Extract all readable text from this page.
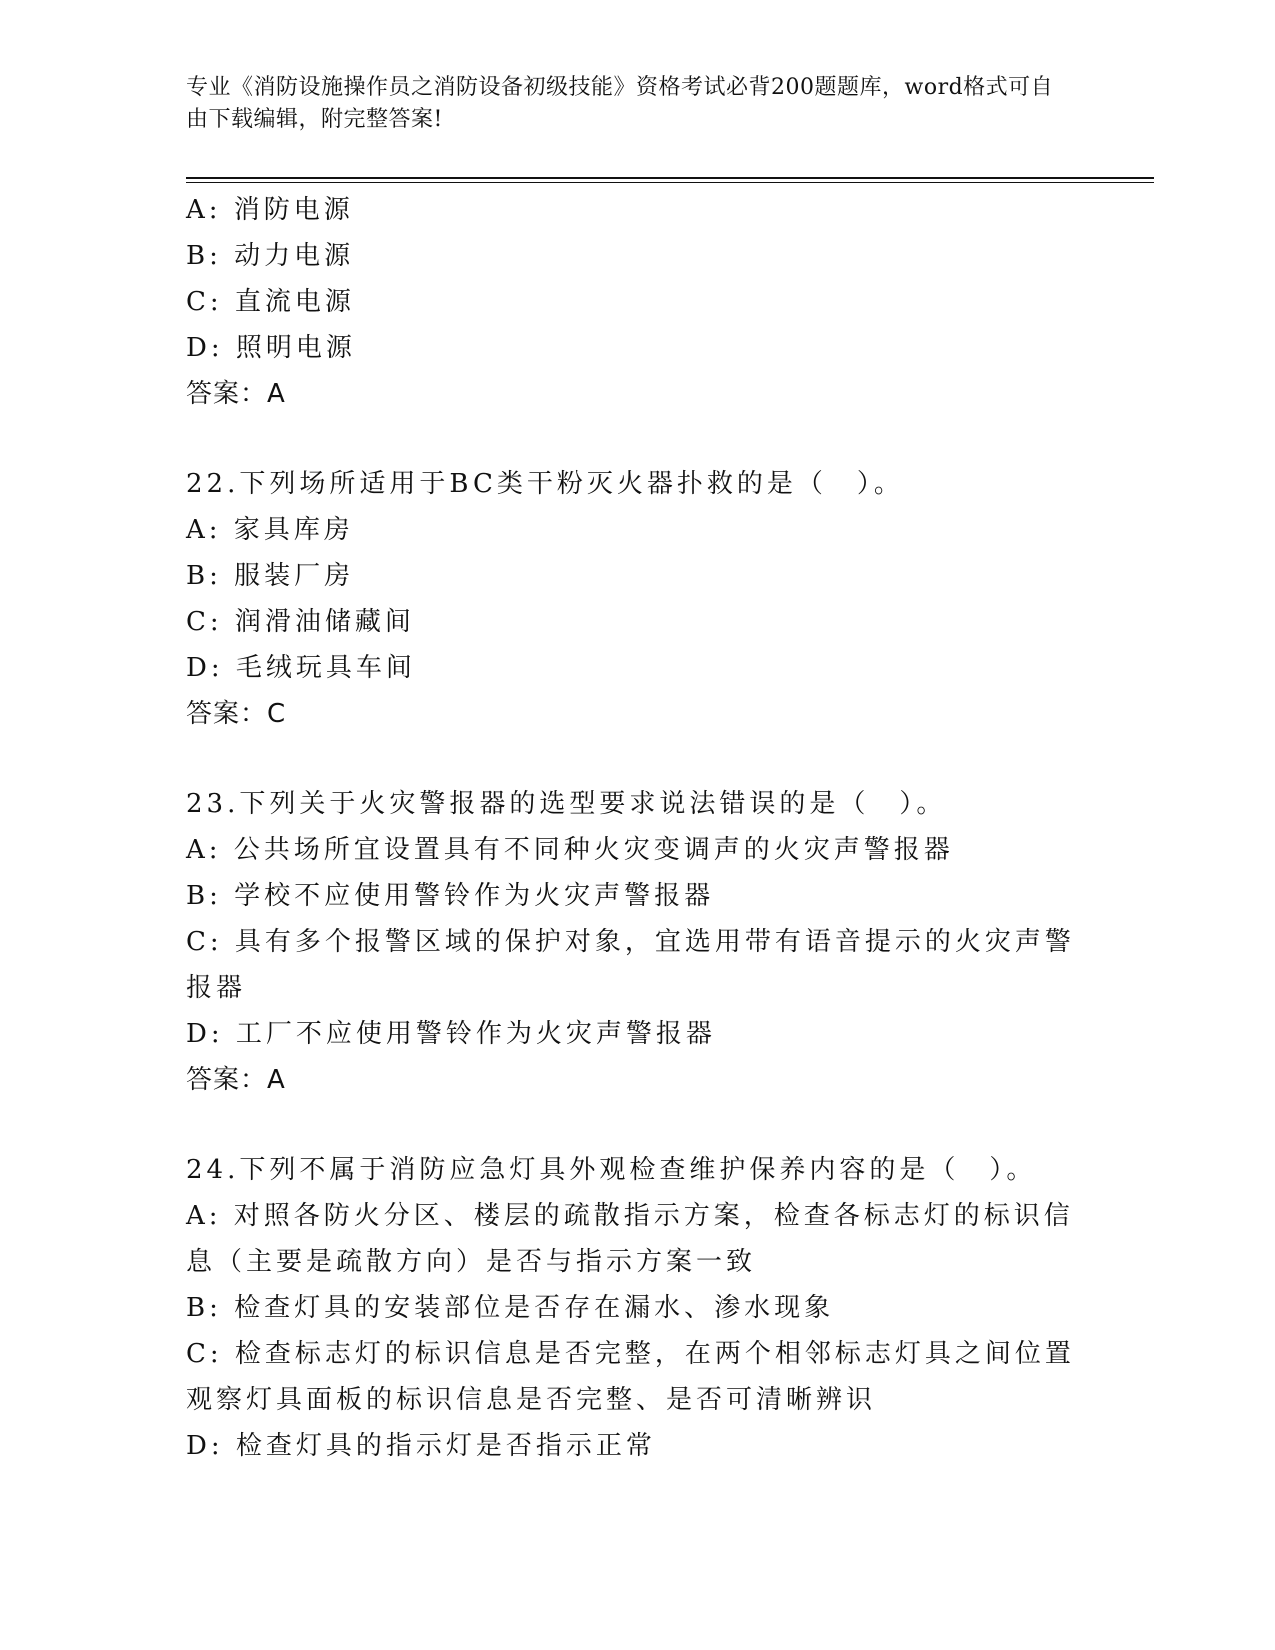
专业《消防设施操作员之消防设备初级技能》资格考试必背200题题库，word格式可自由下载编辑，附完整答案!
A: 消防电源
B: 动力电源
C: 直流电源
D: 照明电源
答案：A
22.下列场所适用于BC类干粉灭火器扑救的是（　）。
A: 家具库房
B: 服装厂房
C: 润滑油储藏间
D: 毛绒玩具车间
答案：C
23.下列关于火灾警报器的选型要求说法错误的是（　）。
A: 公共场所宜设置具有不同种火灾变调声的火灾声警报器
B: 学校不应使用警铃作为火灾声警报器
C: 具有多个报警区域的保护对象，宜选用带有语音提示的火灾声警报器
D: 工厂不应使用警铃作为火灾声警报器
答案：A
24.下列不属于消防应急灯具外观检查维护保养内容的是（　）。
A: 对照各防火分区、楼层的疏散指示方案，检查各标志灯的标识信息（主要是疏散方向）是否与指示方案一致
B: 检查灯具的安装部位是否存在漏水、渗水现象
C: 检查标志灯的标识信息是否完整，在两个相邻标志灯具之间位置观察灯具面板的标识信息是否完整、是否可清晰辨识
D: 检查灯具的指示灯是否指示正常
